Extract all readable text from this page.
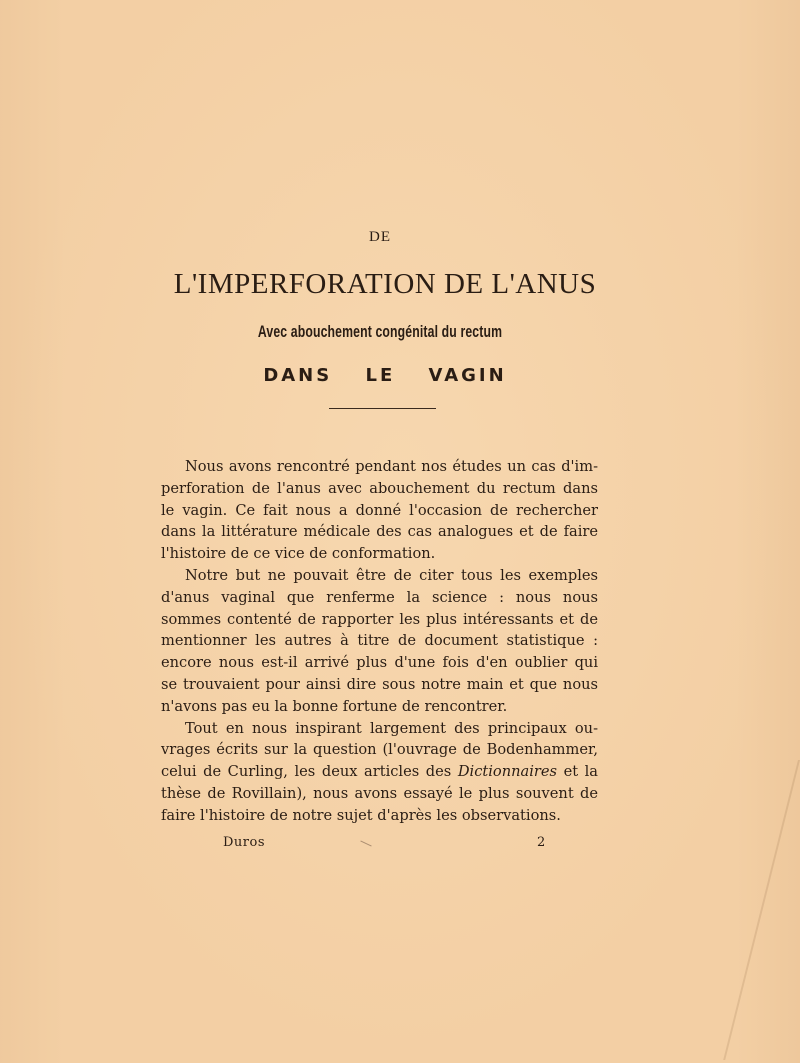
DE
L'IMPERFORATION DE L'ANUS
Avec abouchement congénital du rectum
DANS LE VAGIN
Nous avons rencontré pendant nos études un cas d'im-
perforation de l'anus avec abouchement du rectum dans
le vagin. Ce fait nous a donné l'occasion de rechercher
dans la littérature médicale des cas analogues et de faire
l'histoire de ce vice de conformation.
Notre but ne pouvait être de citer tous les exemples
d'anus vaginal que renferme la science : nous nous
sommes contenté de rapporter les plus intéressants et de
mentionner les autres à titre de document statistique :
encore nous est-il arrivé plus d'une fois d'en oublier qui
se trouvaient pour ainsi dire sous notre main et que nous
n'avons pas eu la bonne fortune de rencontrer.
Tout en nous inspirant largement des principaux ou-
vrages écrits sur la question (l'ouvrage de Bodenhammer,
celui de Curling, les deux articles des Dictionnaires et la
thèse de Rovillain), nous avons essayé le plus souvent de
faire l'histoire de notre sujet d'après les observations.
Duros	2
